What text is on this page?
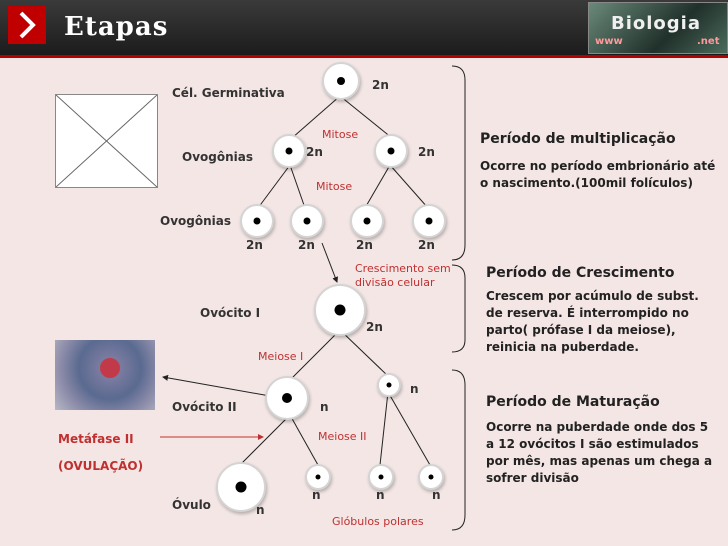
Etapas	Biologia
www	.net
Cél. Germinativa
Ovogônias
Ovogônias
Ovócito I
Ovócito II
Óvulo
Metáfase II
(OVULAÇÃO)
Mitose
Mitose
Crescimento sem
divisão celular
Meiose I
Meiose II
Glóbulos polares
2n
2n	2n
2n	2n	2n	2n
2n
n
n
n
n	n	n
Período de multiplicação
Ocorre no período embrionário até o nascimento.(100mil folículos)
Período de Crescimento
Crescem por acúmulo de subst. de reserva. É interrompido no parto( prófase I da meiose), reinicia na puberdade.
Período de Maturação
Ocorre na puberdade onde dos 5 a 12 ovócitos I são estimulados por mês, mas apenas um chega a sofrer divisão
